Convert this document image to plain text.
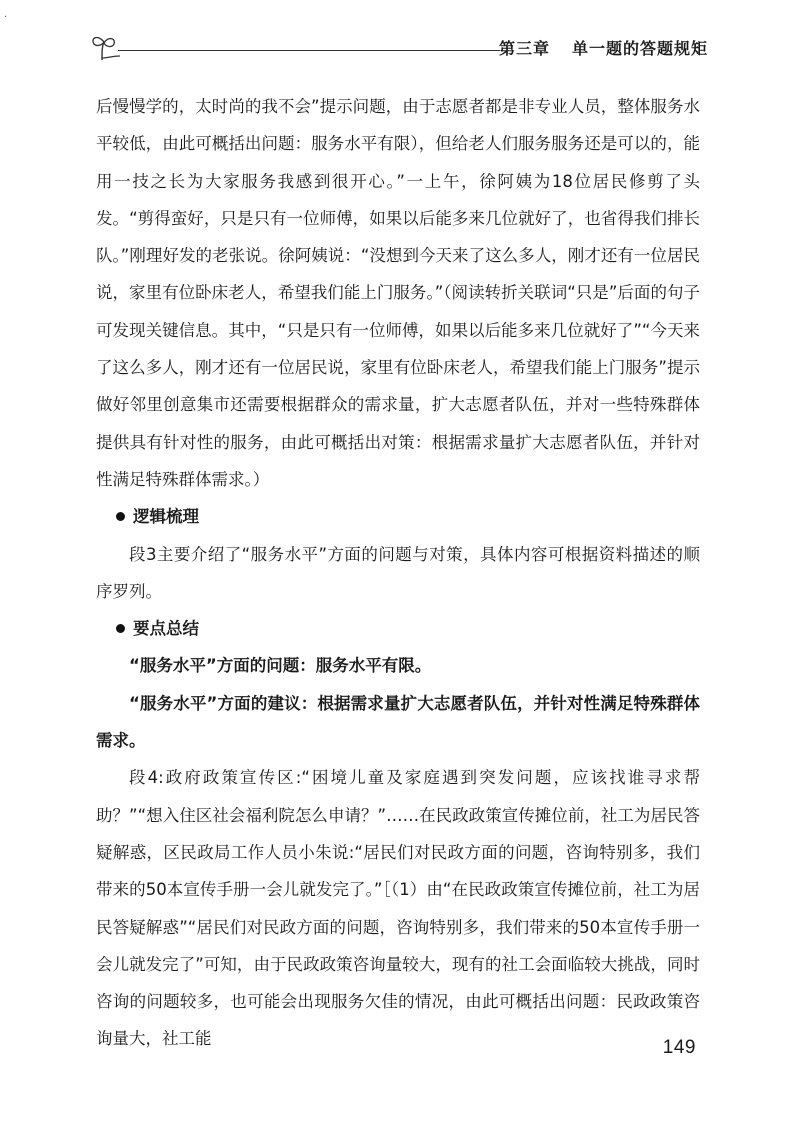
·
第三章 单一题的答题规矩

后慢慢学的，太时尚的我不会”提示问题，由于志愿者都是非专业人员，整体服务水平较低，由此可概括出问题：服务水平有限），但给老人们服务服务还是可以的，能用一技之长为大家服务我感到很开心。”一上午，徐阿姨为18位居民修剪了头发。“剪得蛮好，只是只有一位师傅，如果以后能多来几位就好了，也省得我们排长队。”刚理好发的老张说。徐阿姨说：“没想到今天来了这么多人，刚才还有一位居民说，家里有位卧床老人，希望我们能上门服务。”（阅读转折关联词“只是”后面的句子可发现关键信息。其中，“只是只有一位师傅，如果以后能多来几位就好了”“今天来了这么多人，刚才还有一位居民说，家里有位卧床老人，希望我们能上门服务”提示做好邻里创意集市还需要根据群众的需求量，扩大志愿者队伍，并对一些特殊群体提供具有针对性的服务，由此可概括出对策：根据需求量扩大志愿者队伍，并针对性满足特殊群体需求。）

逻辑梳理

段3主要介绍了“服务水平”方面的问题与对策，具体内容可根据资料描述的顺序罗列。

要点总结

“服务水平”方面的问题：服务水平有限。

“服务水平”方面的建议：根据需求量扩大志愿者队伍，并针对性满足特殊群体需求。

段4:政府政策宣传区:“困境儿童及家庭遇到突发问题，应该找谁寻求帮助？”“想入住区社会福利院怎么申请？”……在民政政策宣传摊位前，社工为居民答疑解惑，区民政局工作人员小朱说:“居民们对民政方面的问题，咨询特别多，我们带来的50本宣传手册一会儿就发完了。”［（1）由“在民政政策宣传摊位前，社工为居民答疑解惑”“居民们对民政方面的问题，咨询特别多，我们带来的50本宣传手册一会儿就发完了”可知，由于民政政策咨询量较大，现有的社工会面临较大挑战，同时咨询的问题较多，也可能会出现服务欠佳的情况，由此可概括出问题：民政政策咨询量大，社工能	149
